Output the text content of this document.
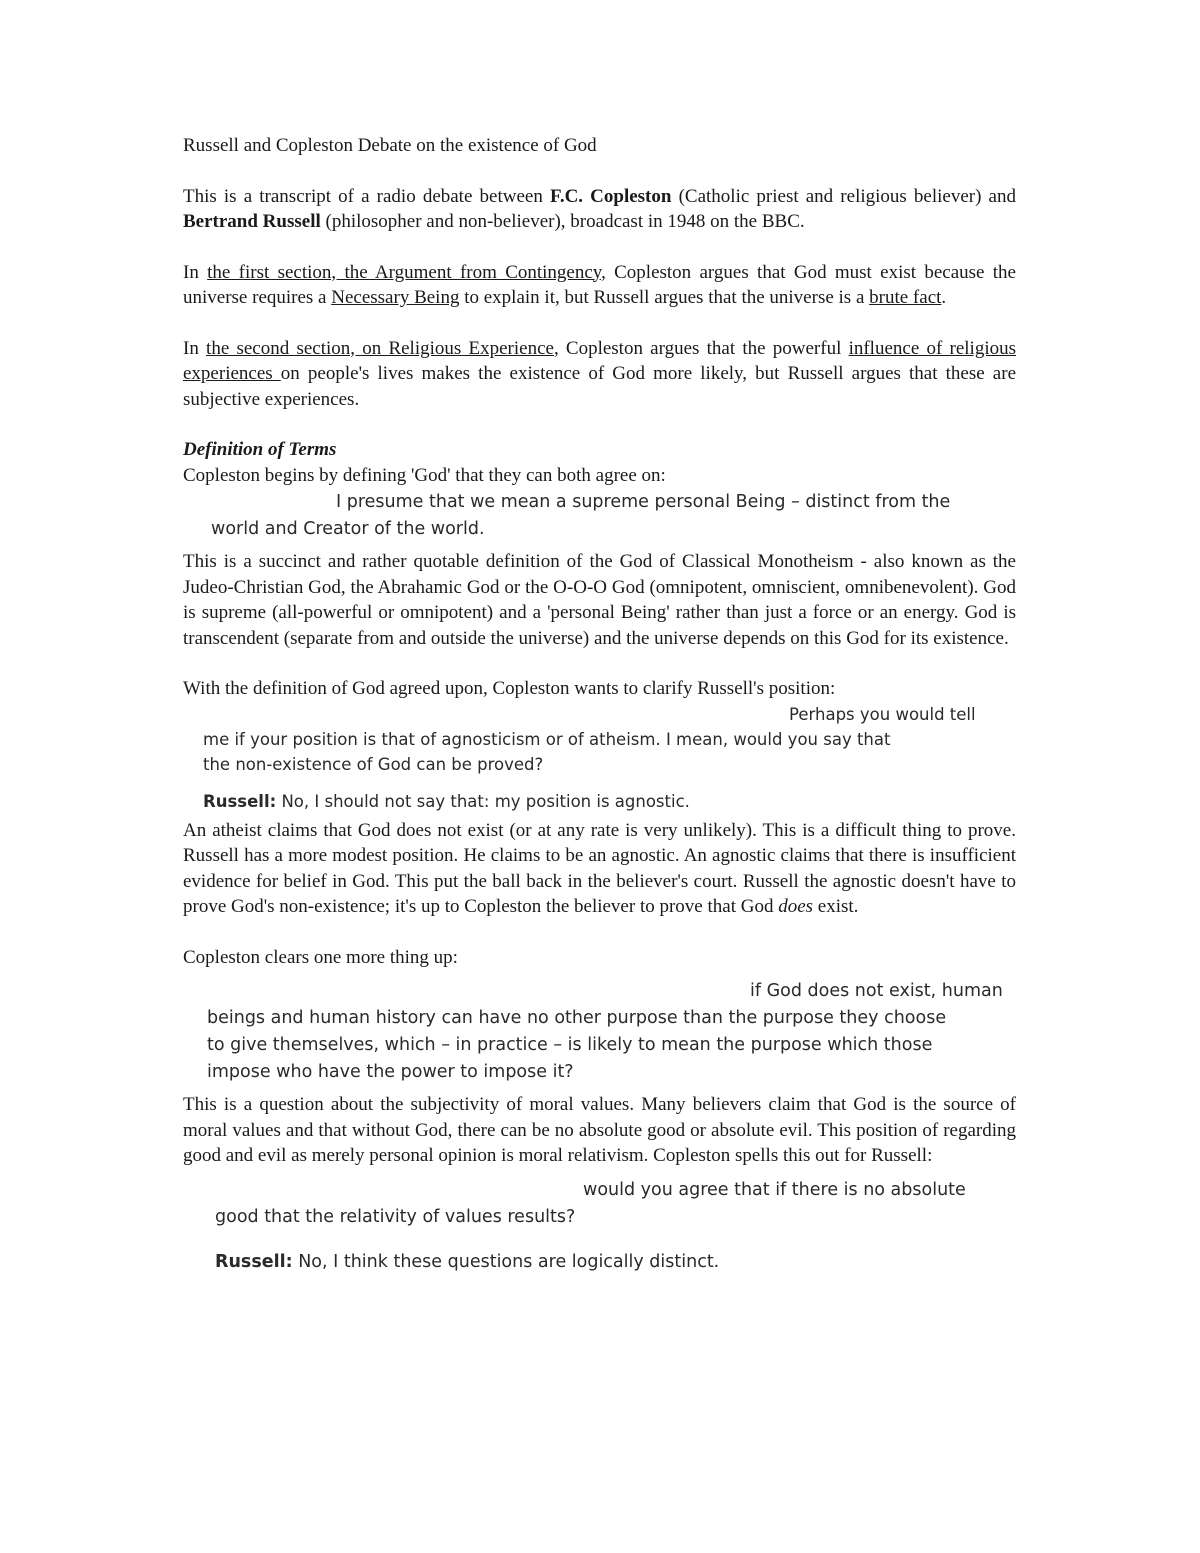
Russell and Copleston Debate on the existence of God

This is a transcript of a radio debate between F.C. Copleston (Catholic priest and religious believer) and Bertrand Russell (philosopher and non-believer), broadcast in 1948 on the BBC.

In the first section, the Argument from Contingency, Copleston argues that God must exist because the universe requires a Necessary Being to explain it, but Russell argues that the universe is a brute fact.

In the second section, on Religious Experience, Copleston argues that the powerful influence of religious experiences on people's lives makes the existence of God more likely, but Russell argues that these are subjective experiences.

Definition of Terms

Copleston begins by defining 'God' that they can both agree on:

I presume that we mean a supreme personal Being – distinct from the

world and Creator of the world.

This is a succinct and rather quotable definition of the God of Classical Monotheism - also known as the Judeo-Christian God, the Abrahamic God or the O-O-O God (omnipotent, omniscient, omnibenevolent). God is supreme (all-powerful or omnipotent) and a 'personal Being' rather than just a force or an energy. God is transcendent (separate from and outside the universe) and the universe depends on this God for its existence.

With the definition of God agreed upon, Copleston wants to clarify Russell's position:

Perhaps you would tell

me if your position is that of agnosticism or of atheism. I mean, would you say that

the non-existence of God can be proved?

Russell: No, I should not say that: my position is agnostic.

An atheist claims that God does not exist (or at any rate is very unlikely). This is a difficult thing to prove. Russell has a more modest position. He claims to be an agnostic. An agnostic claims that there is insufficient evidence for belief in God. This put the ball back in the believer's court. Russell the agnostic doesn't have to prove God's non-existence; it's up to Copleston the believer to prove that God does exist.

Copleston clears one more thing up:

if God does not exist, human

beings and human history can have no other purpose than the purpose they choose

to give themselves, which – in practice – is likely to mean the purpose which those

impose who have the power to impose it?

This is a question about the subjectivity of moral values. Many believers claim that God is the source of moral values and that without God, there can be no absolute good or absolute evil. This position of regarding good and evil as merely personal opinion is moral relativism. Copleston spells this out for Russell:

would you agree that if there is no absolute

good that the relativity of values results?

Russell: No, I think these questions are logically distinct.
